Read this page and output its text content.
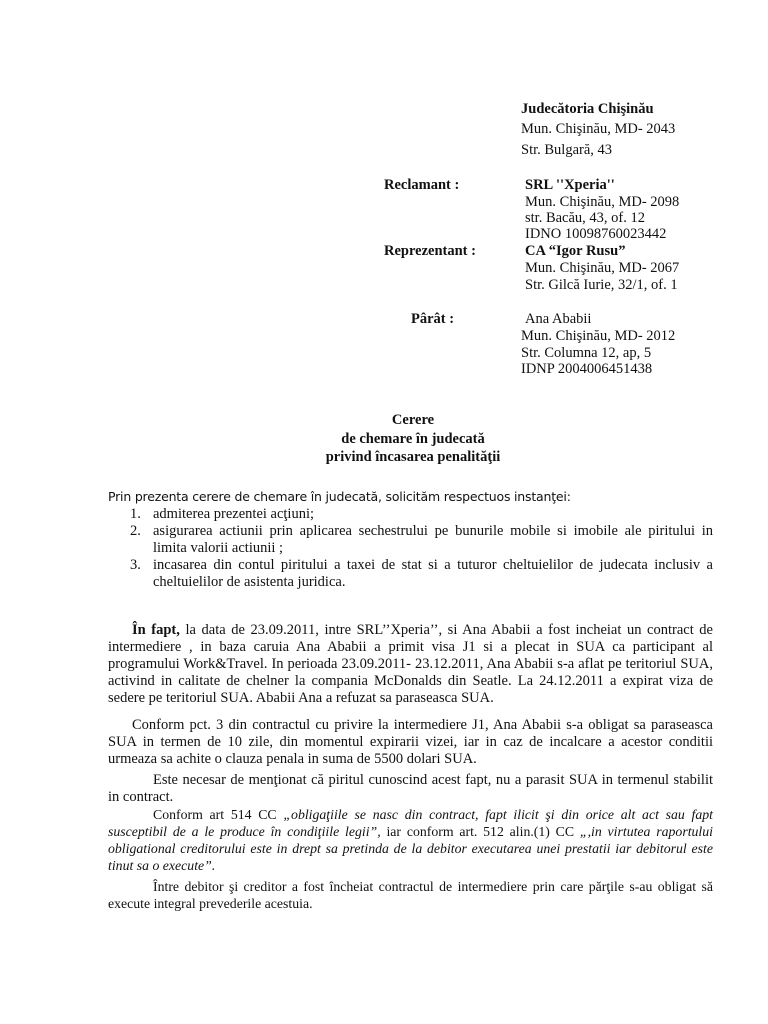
Judecătoria Chişinău
Mun. Chişinău, MD- 2043
Str. Bulgară, 43
Reclamant :	SRL ''Xperia''
Mun. Chişinău, MD- 2098
str. Bacău, 43, of. 12
IDNO 10098760023442
Reprezentant :	CA “Igor Rusu”
Mun. Chişinău, MD- 2067
Str. Gilcă Iurie, 32/1, of. 1
Pârât :	Ana Ababii
Mun. Chişinău, MD- 2012
Str. Columna 12, ap, 5
IDNP 2004006451438
Cerere
de chemare în judecată
privind încasarea penalităţii
Prin prezenta cerere de chemare în judecată, solicităm respectuos instanţei:
1. admiterea prezentei acţiuni;
2. asigurarea actiunii prin aplicarea sechestrului pe bunurile mobile si imobile ale piritului in limita valorii actiunii ;
3. incasarea din contul piritului a taxei de stat si a tuturor cheltuielilor de judecata inclusiv a cheltuielilor de asistenta juridica.
În fapt, la data de 23.09.2011, intre SRL’’Xperia’’, si Ana Ababii a fost incheiat un contract de intermediere , in baza caruia Ana Ababii a primit visa J1 si a plecat in SUA ca participant al programului Work&Travel. In perioada 23.09.2011- 23.12.2011, Ana Ababii s-a aflat pe teritoriul SUA, activind in calitate de chelner la compania McDonalds din Seatle. La 24.12.2011 a expirat viza de sedere pe teritoriul SUA. Ababii Ana a refuzat sa paraseasca SUA.
Conform pct. 3 din contractul cu privire la intermediere J1, Ana Ababii s-a obligat sa paraseasca SUA in termen de 10 zile, din momentul expirarii vizei, iar in caz de incalcare a acestor conditii urmeaza sa achite o clauza penala in suma de 5500 dolari SUA.
Este necesar de menţionat că piritul cunoscind acest fapt, nu a parasit SUA in termenul stabilit in contract.
Conform art 514 CC „obligaţiile se nasc din contract, fapt ilicit şi din orice alt act sau fapt susceptibil de a le produce în condiţiile legii”, iar conform art. 512 alin.(1) CC „,in virtutea raportului obligational creditorului este in drept sa pretinda de la debitor executarea unei prestatii iar debitorul este tinut sa o execute”.
Între debitor şi creditor a fost încheiat contractul de intermediere prin care părţile s-au obligat să execute integral prevederile acestuia.
